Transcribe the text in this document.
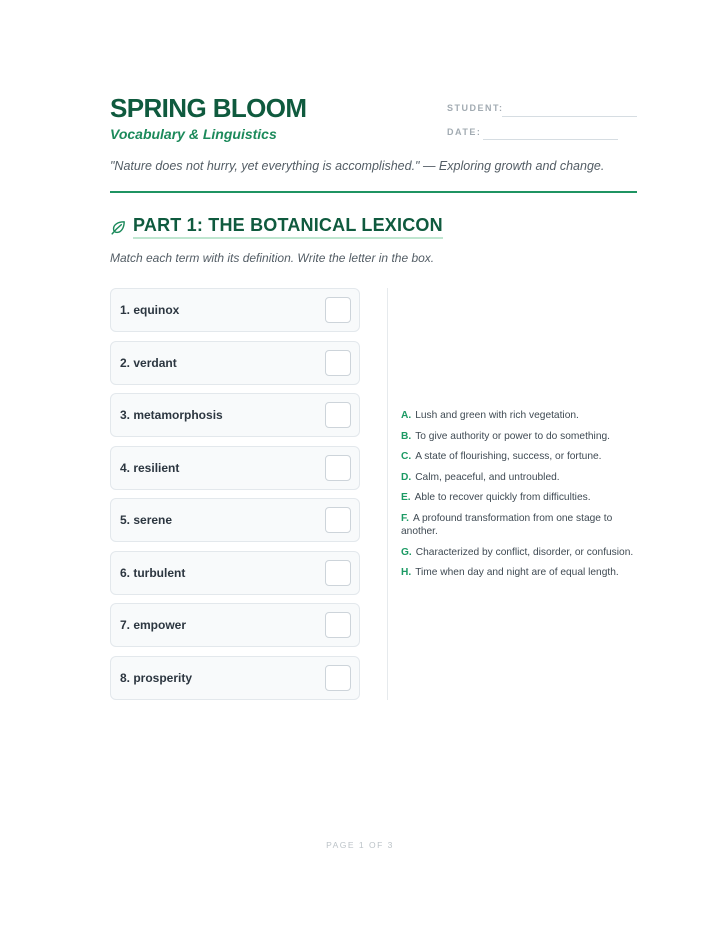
SPRING BLOOM
Vocabulary & Linguistics
STUDENT:
DATE:
"Nature does not hurry, yet everything is accomplished." — Exploring growth and change.
PART 1: THE BOTANICAL LEXICON
Match each term with its definition. Write the letter in the box.
1. equinox
2. verdant
3. metamorphosis
4. resilient
5. serene
6. turbulent
7. empower
8. prosperity
A. Lush and green with rich vegetation.
B. To give authority or power to do something.
C. A state of flourishing, success, or fortune.
D. Calm, peaceful, and untroubled.
E. Able to recover quickly from difficulties.
F. A profound transformation from one stage to another.
G. Characterized by conflict, disorder, or confusion.
H. Time when day and night are of equal length.
PAGE 1 OF 3
